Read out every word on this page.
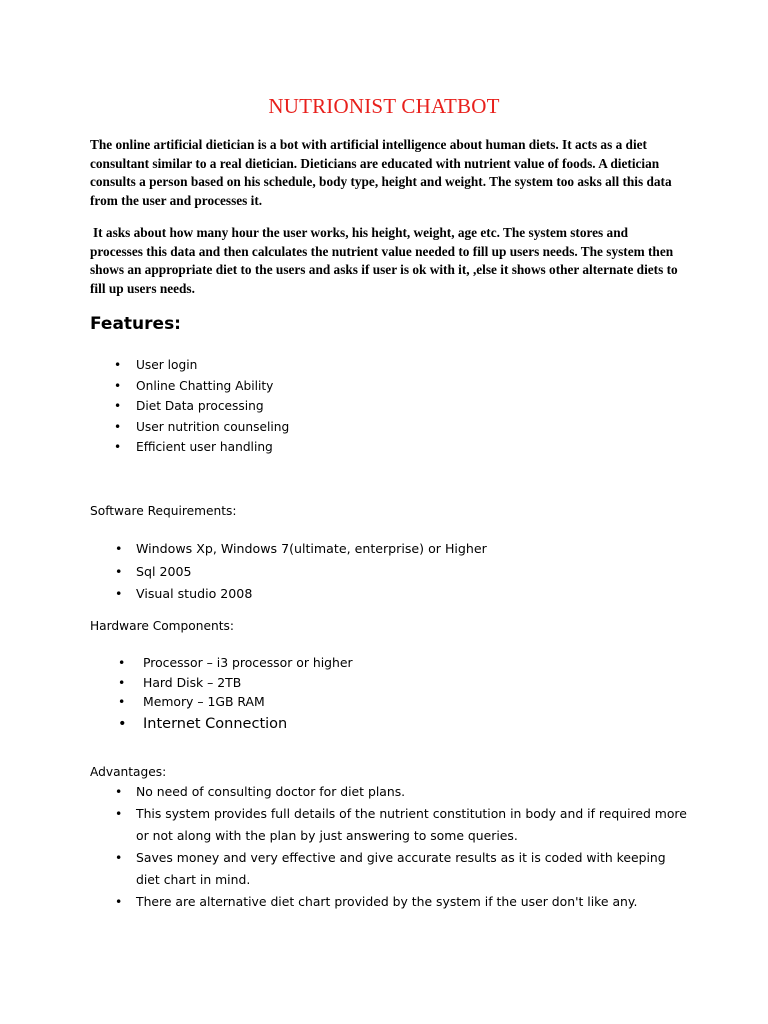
NUTRIONIST CHATBOT

The online artificial dietician is a bot with artificial intelligence about human diets. It acts as a diet consultant similar to a real dietician. Dieticians are educated with nutrient value of foods. A dietician consults a person based on his schedule, body type, height and weight. The system too asks all this data from the user and processes it.

It asks about how many hour the user works, his height, weight, age etc. The system stores and processes this data and then calculates the nutrient value needed to fill up users needs. The system then shows an appropriate diet to the users and asks if user is ok with it, ,else it shows other alternate diets to fill up users needs.

Features:
• User login
• Online Chatting Ability
• Diet Data processing
• User nutrition counseling
• Efficient user handling
Software Requirements:
• Windows Xp, Windows 7(ultimate, enterprise) or Higher
• Sql 2005
• Visual studio 2008
Hardware Components:
• Processor – i3 processor or higher
• Hard Disk – 2TB
• Memory – 1GB RAM
• Internet Connection
Advantages:
• No need of consulting doctor for diet plans.
• This system provides full details of the nutrient constitution in body and if required more or not along with the plan by just answering to some queries.
• Saves money and very effective and give accurate results as it is coded with keeping diet chart in mind.
• There are alternative diet chart provided by the system if the user don't like any.
